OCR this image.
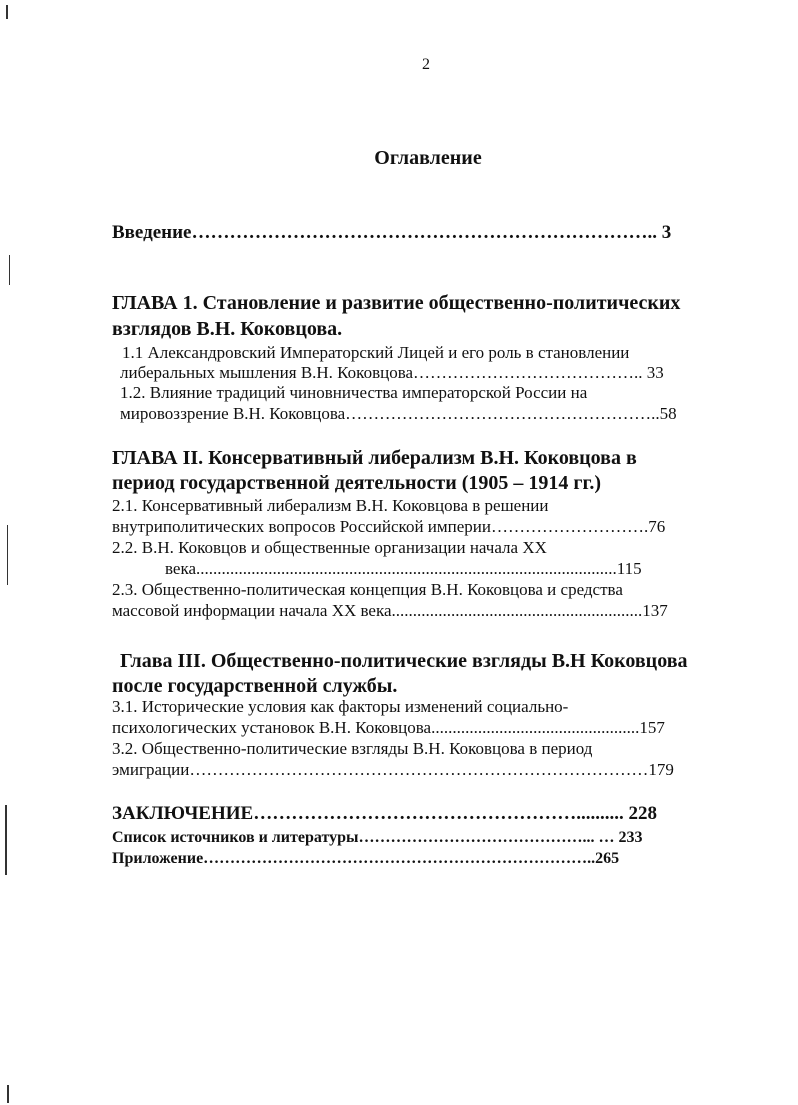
2
Оглавление
Введение……………………………………………………………….. 3
ГЛАВА 1. Становление и развитие общественно-политических
взглядов В.Н. Коковцова.
1.1 Александровский Императорский Лицей и его роль в становлении
либеральных мышления В.Н. Коковцова………………………………….. 33
1.2. Влияние традиций чиновничества императорской России на
мировоззрение В.Н. Коковцова………………………………………………..58
ГЛАВА II. Консервативный либерализм В.Н. Коковцова в
период государственной деятельности (1905 – 1914 гг.)
2.1. Консервативный либерализм В.Н. Коковцова в решении
внутриполитических вопросов Российской империи……………………….76
2.2. В.Н. Коковцов и общественные организации начала XX
века...................................................................................................115
2.3. Общественно-политическая концепция В.Н. Коковцова и средства
массовой информации начала XX века...........................................................137
Глава III. Общественно-политические взгляды В.Н Коковцова
после государственной службы.
3.1. Исторические условия как факторы изменений социально-
психологических установок В.Н. Коковцова.................................................157
3.2. Общественно-политические взгляды В.Н. Коковцова в период
эмиграции………………………………………………………………………179
ЗАКЛЮЧЕНИЕ…………………………………………….......... 228
Список источников и литературы……………………………………... … 233
Приложение………………………………………………………………..265
